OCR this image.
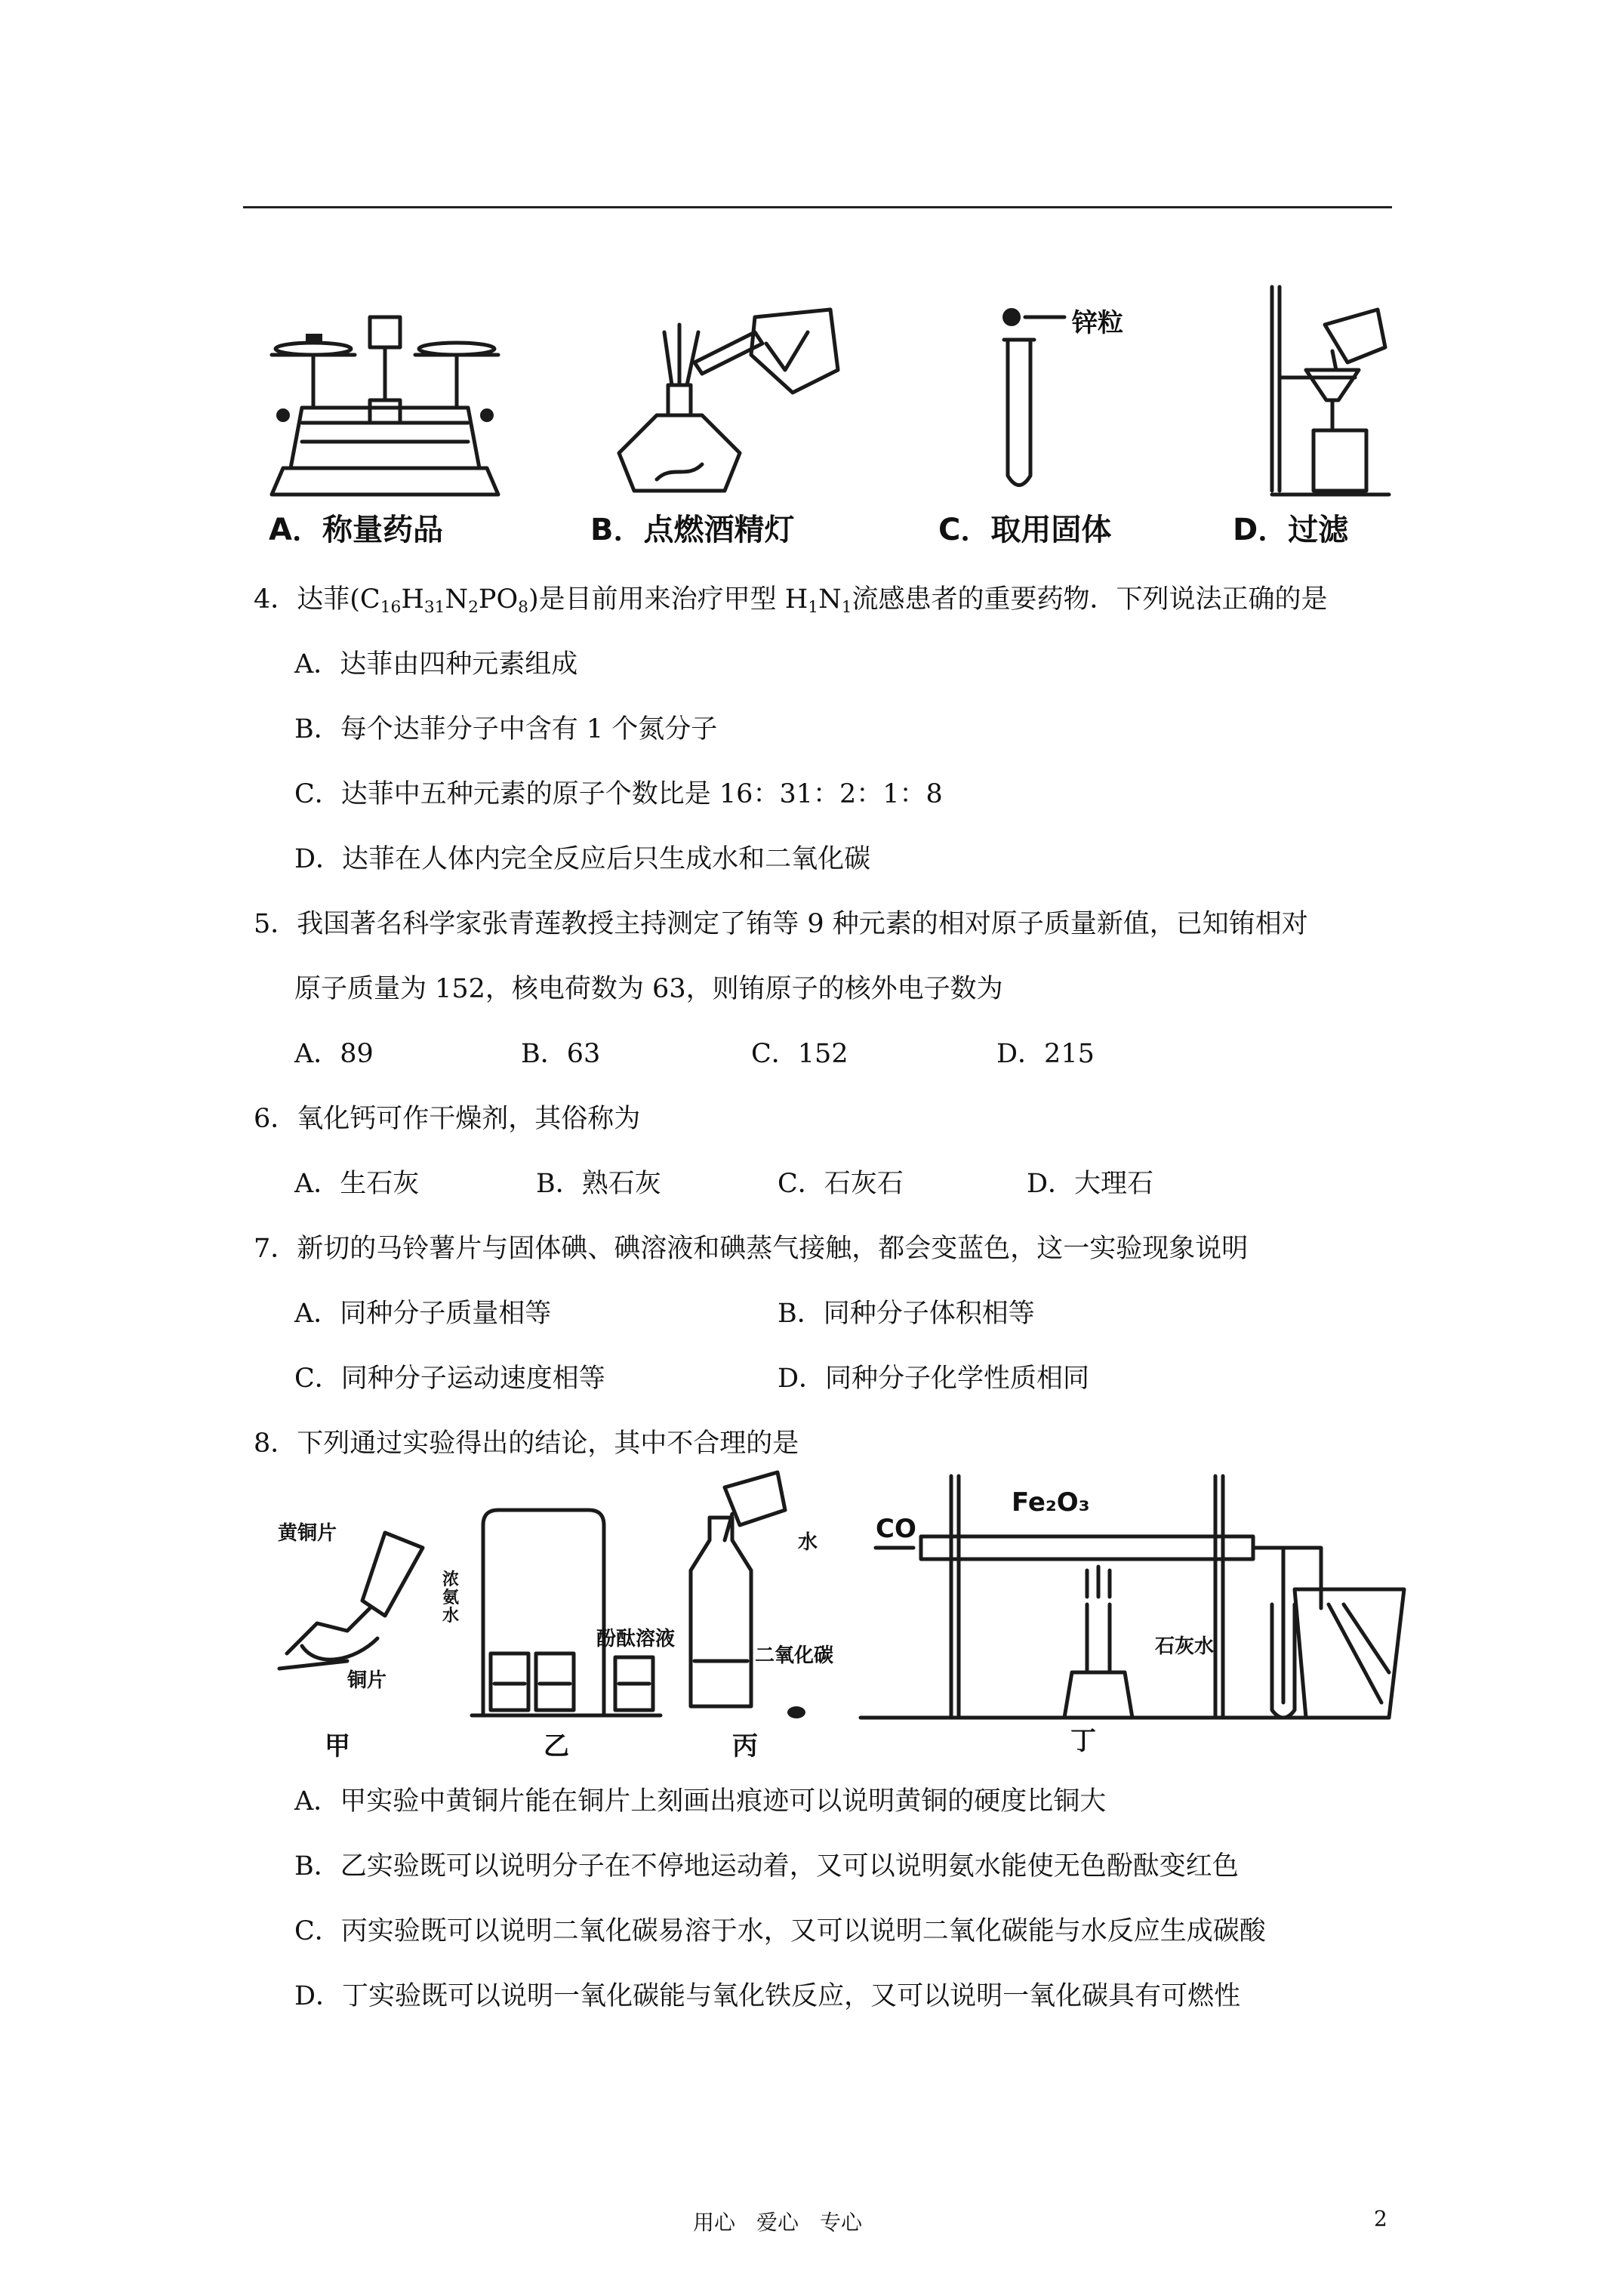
A．称量药品	B．点燃酒精灯	C．取用固体	D．过滤
锌粒
4．达菲$(C_{16}H_{31}N_2PO_8)$是目前用来治疗甲型 $H_1N_1$流感患者的重要药物．下列说法正确的是
A．达菲由四种元素组成
B．每个达菲分子中含有 1 个氮分子
C．达菲中五种元素的原子个数比是 16：31：2：1：8
D．达菲在人体内完全反应后只生成水和二氧化碳
5．我国著名科学家张青莲教授主持测定了铕等 9 种元素的相对原子质量新值，已知铕相对
原子质量为 152，核电荷数为 63，则铕原子的核外电子数为
A．89	B．63	C．152	D．215
6．氧化钙可作干燥剂，其俗称为
A．生石灰	B．熟石灰	C．石灰石	D．大理石
7．新切的马铃薯片与固体碘、碘溶液和碘蒸气接触，都会变蓝色，这一实验现象说明
A．同种分子质量相等	B．同种分子体积相等
C．同种分子运动速度相等	D．同种分子化学性质相同
8．下列通过实验得出的结论，其中不合理的是
甲	乙	丙	丁
黄铜片
铜片
浓氨水
酚酞溶液
水
二氧化碳
CO
Fe₂O₃
石灰水
A．甲实验中黄铜片能在铜片上刻画出痕迹可以说明黄铜的硬度比铜大
B．乙实验既可以说明分子在不停地运动着，又可以说明氨水能使无色酚酞变红色
C．丙实验既可以说明二氧化碳易溶于水，又可以说明二氧化碳能与水反应生成碳酸
D．丁实验既可以说明一氧化碳能与氧化铁反应，又可以说明一氧化碳具有可燃性
用心　爱心　专心	2
